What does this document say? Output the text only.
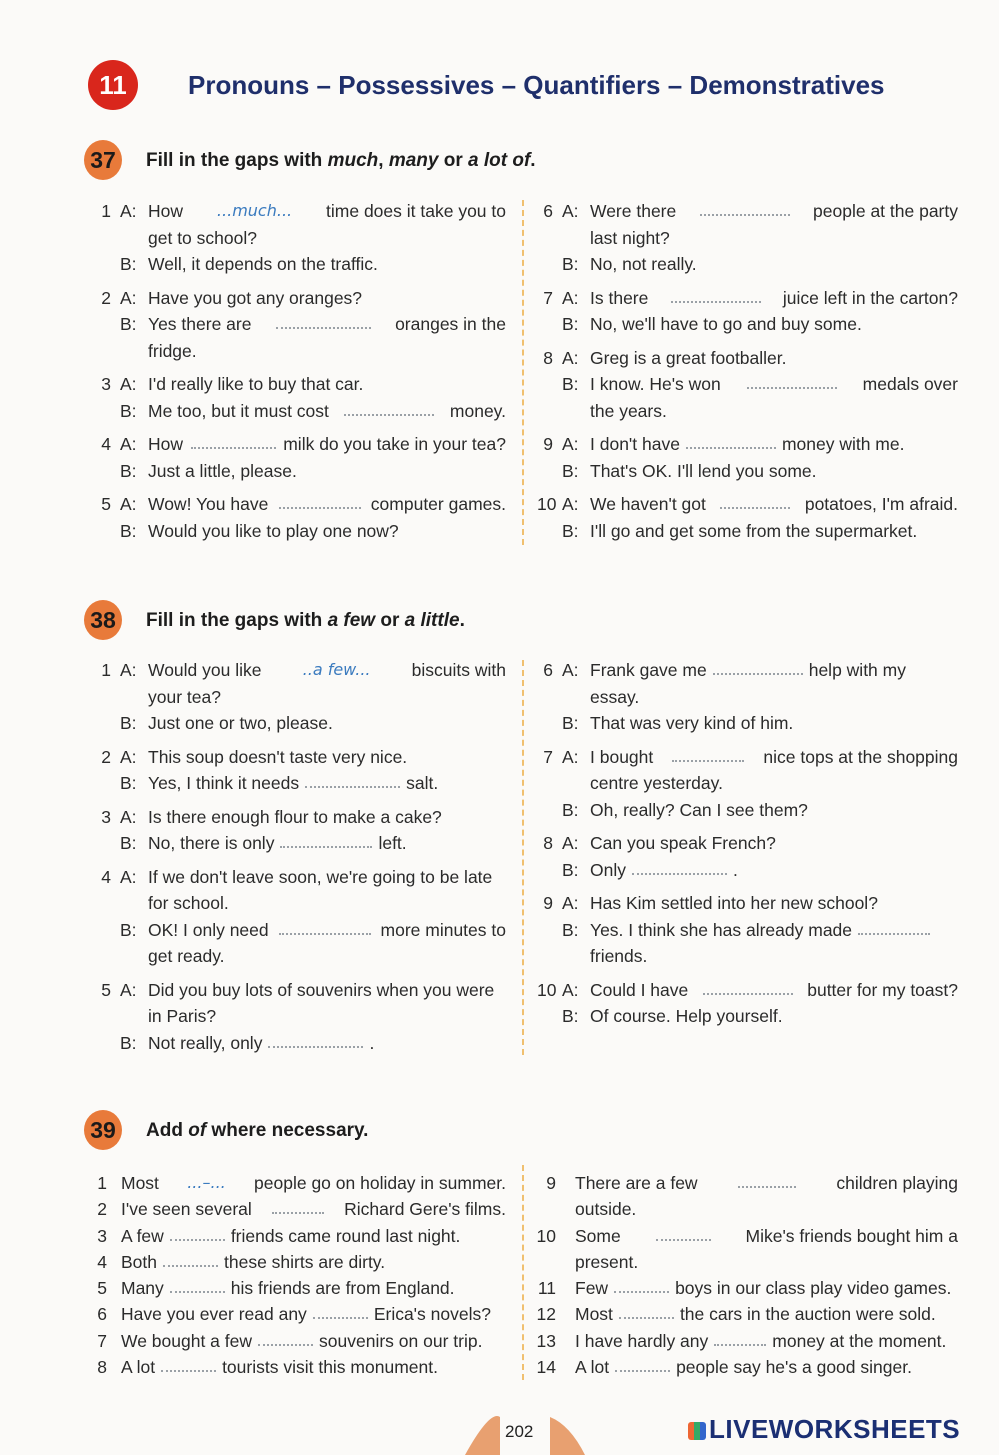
11 Pronouns – Possessives – Quantifiers – Demonstratives
37 Fill in the gaps with much, many or a lot of.
1 A: How ...much... time does it take you to
get to school?
B: Well, it depends on the traffic.
2 A: Have you got any oranges?
B: Yes there are	oranges in the
fridge.
3 A: I'd really like to buy that car.
B: Me too, but it must cost	money.
4 A: How	milk do you take in your tea?
B: Just a little, please.
5 A: Wow! You have	computer games.
B: Would you like to play one now?
6 A: Were there	people at the party
last night?
B: No, not really.
7 A: Is there	juice left in the carton?
B: No, we'll have to go and buy some.
8 A: Greg is a great footballer.
B: I know. He's won	medals over
the years.
9 A: I don't have	money with me.
B: That's OK. I'll lend you some.
10 A: We haven't got	potatoes, I'm afraid.
B: I'll go and get some from the supermarket.
38 Fill in the gaps with a few or a little.
1 A: Would you like	..a few... biscuits with
your tea?
B: Just one or two, please.
2 A: This soup doesn't taste very nice.
B: Yes, I think it needs	salt.
3 A: Is there enough flour to make a cake?
B: No, there is only	left.
4 A: If we don't leave soon, we're going to be late
for school.
B: OK! I only need	more minutes to
get ready.
5 A: Did you buy lots of souvenirs when you were
in Paris?
B: Not really, only	.
6 A: Frank gave me	help with my
essay.
B: That was very kind of him.
7 A: I bought	nice tops at the shopping
centre yesterday.
B: Oh, really? Can I see them?
8 A: Can you speak French?
B: Only	.
9 A: Has Kim settled into her new school?
B: Yes. I think she has already made
friends.
10 A: Could I have	butter for my toast?
B: Of course. Help yourself.
39 Add of where necessary.
1 Most ...–... people go on holiday in summer.
2 I've seen several	Richard Gere's films.
3 A few	friends came round last night.
4 Both	these shirts are dirty.
5 Many	his friends are from England.
6 Have you ever read any	Erica's novels?
7 We bought a few	souvenirs on our trip.
8 A lot	tourists visit this monument.
9 There are a few	children playing
outside.
10 Some	Mike's friends bought him a
present.
11 Few	boys in our class play video games.
12 Most	the cars in the auction were sold.
13 I have hardly any	money at the moment.
14 A lot	people say he's a good singer.
202	LIVEWORKSHEETS
